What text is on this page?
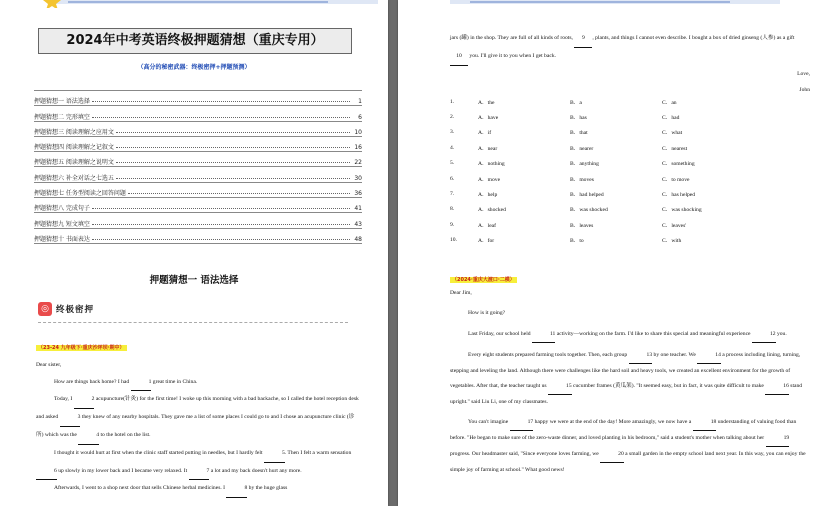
2024年中考英语终极押题猜想（重庆专用）
（高分的秘密武器：终极密押+押题预测）
押题猜想一 语法选择	1
押题猜想二 完形填空	6
押题猜想三 阅读理解之应用文	10
押题猜想四 阅读理解之记叙文	16
押题猜想五 阅读理解之说明文	22
押题猜想六 补全对话之七选五	30
押题猜想七 任务型阅读之回答问题	36
押题猜想八 完成句子	41
押题猜想九 短文填空	43
押题猜想十 书面表达	48
押题猜想一 语法选择
◎ 终极密押

（23-24 九年级下·重庆沙坪坝·期中）

Dear sister,

How are things back home? I had	1 great time in China.

Today, I	2 acupuncture(针灸) for the first time! I woke up this morning with a bad backache, so I called the hotel reception desk and asked	3 they knew of any nearby hospitals. They gave me a list of some places I could go to and I chose an acupuncture clinic (诊所) which was the	4 to the hotel on the list.

I thought it would hurt at first when the clinic staff started putting in needles, but I hardly felt	5. Then I felt a warm sensation 6 up slowly in my lower back and I became very relaxed. It	7 a lot and my back doesn't hurt any more.

Afterwards, I went to a shop next door that sells Chinese herbal medicines. I	8 by the huge glass

jars (罐) in the shop. They are full of all kinds of roots, 9 , plants, and things I cannot even describe. I bought a box of dried ginseng (人参) as a gift 10 you. I'll give it to you when I get back.

Love,

John

1.	A．the	B．a	C．an
2.	A．have	B．has	C．had
3.	A．if	B．that	C．what
4.	A．near	B．nearer	C．nearest
5.	A．nothing	B．anything	C．something
6.	A．move	B．moves	C．to move
7.	A．help	B．had helped	C．has helped
8.	A．shocked	B．was shocked	C．was shocking
9.	A．leaf	B．leaves	C．leaves'
10.	A．for	B．to	C．with
（2024·重庆大渡口·二模）

Dear Jim,

How is it going?

Last Friday, our school held	11 activity—working on the farm. I'd like to share this special and meaningful experience	12 you.

Every eight students prepared farming tools together. Then, each group	13 by one teacher. We	14 a process including lining, turning, stepping and leveling the land. Although there were challenges like the hard soil and heavy tools, we created an excellent environment for the growth of vegetables. After that, the teacher taught us	15 cucumber frames (黄瓜架). "It seemed easy, but in fact, it was quite difficult to make	16 stand upright." said Liu Li, one of my classmates.

You can't imagine	17 happy we were at the end of the day! More amazingly, we now have a	18 understanding of valuing food than before. "He began to make sure of the zero-waste dinner, and loved planting in his bedroom," said a student's mother when talking about her	19 progress. Our headmaster said, "Since everyone loves farming, we	20 a small garden in the empty school land next year. In this way, you can enjoy the simple joy of farming at school." What good news!
